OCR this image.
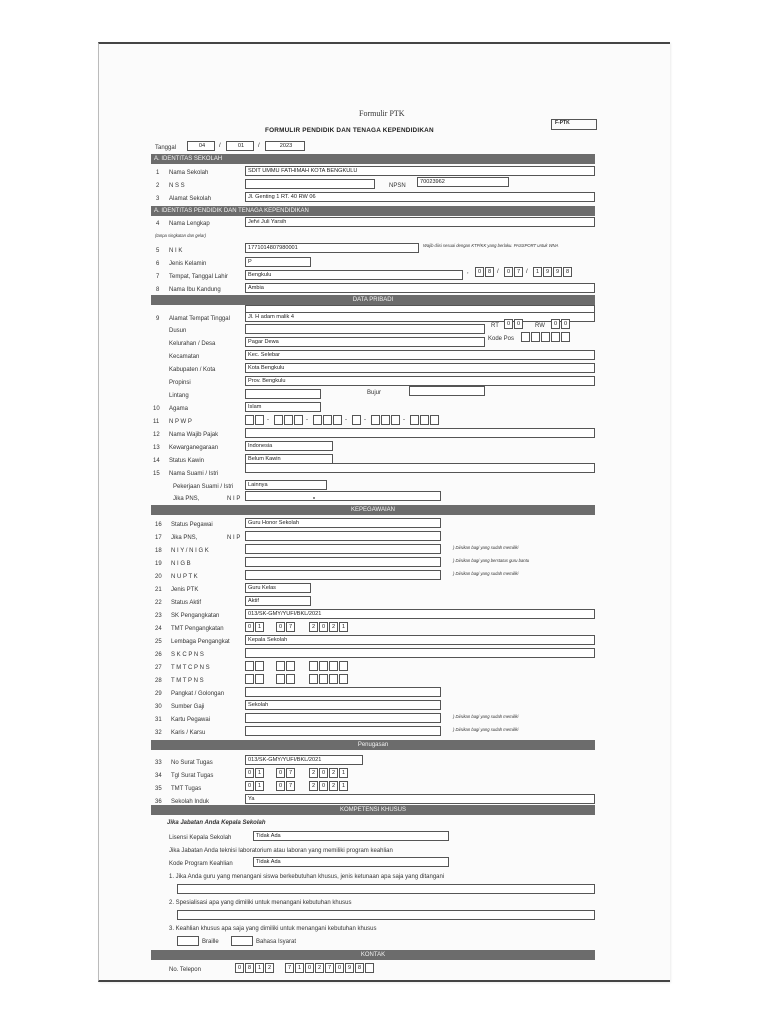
Formulir PTK
FORMULIR PENDIDIK DAN TENAGA KEPENDIDIKAN
F-PTK
Tanggal	04	/	01	/	2023
A. IDENTITAS SEKOLAH
1 Nama Sekolah	SDIT UMMU FATHIMAH KOTA BENGKULU
2 N S S	NPSN
70023962
3 Alamat Sekolah	Jl. Genting 1 RT. 40 RW 06
A. IDENTITAS PENDIDIK DAN TENAGA KEPENDIDIKAN
4 Nama Lengkap	Jefvi Juli Yarsih
(tanpa singkatan dan gelar)
5 N I K	1771014807980001	Wajib diisi sesuai dengan KTP/KK yang berlaku. PASSPORT untuk WNA
6 Jenis Kelamin	P
7 Tempat, Tanggal Lahir	Bengkulu	,	0	8 /	0	7 /	1	9	9	8
8 Nama Ibu Kandung	Ambia
DATA PRIBADI
9 Alamat Tempat Tinggal	Jl. H adam malik 4
Dusun
RT	0	0	RW	0	0
Kode Pos
Kelurahan / Desa	Pagar Dewa
Kecamatan	Kec. Selebar
Kabupaten / Kota	Kota Bengkulu
Propinsi	Prov. Bengkulu
Lintang	Bujur
10 Agama	Islam
11 N P W P	-	-	-	-	-
12 Nama Wajib Pajak
13 Kewarganegaraan	Indonesia
14 Status Kawin	Belum Kawin
15 Nama Suami / Istri
Pekerjaan Suami / Istri	Lainnya
Jika PNS,	N I P
KEPEGAWAIAN
16 Status Pegawai	Guru Honor Sekolah
17 Jika PNS,	N I P
18 N I Y / N I G K
) Diisikan bagi yang sudah memiliki
19 N I G B
) Diisikan bagi yang berstatus guru bantu
20 N U P T K
) Diisikan bagi yang sudah memiliki
21 Jenis PTK	Guru Kelas
22 Status Aktif	Aktif
23 SK Pengangkatan	013/SK-GMY/YUFI/BKL/2021
24 TMT Pengangkatan	0	1	0	7	2	0	2	1
25 Lembaga Pengangkat	Kepala Sekolah
26 S K C P N S
27 T M T C P N S
28 T M T P N S
29 Pangkat / Golongan
30 Sumber Gaji	Sekolah
31 Kartu Pegawai
) Diisikan bagi yang sudah memiliki
32 Karis / Karsu
) Diisikan bagi yang sudah memiliki
Penugasan
33 No Surat Tugas	013/SK-GMY/YUFI/BKL/2021
34 Tgl Surat Tugas	0	1	0	7	2	0	2	1
35 TMT Tugas	0	1	0	7	2	0	2	1
36 Sekolah Induk	Ya
KOMPETENSI KHUSUS
Jika Jabatan Anda Kepala Sekolah
Lisensi Kepala Sekolah	Tidak Ada
Jika Jabatan Anda teknisi laboratorium atau laboran yang memiliki program keahlian
Kode Program Keahlian	Tidak Ada
1. Jika Anda guru yang menangani siswa berkebutuhan khusus, jenis ketunaan apa saja yang ditangani
2. Spesialisasi apa yang dimiliki untuk menangani kebutuhan khusus
3. Keahlian khusus apa saja yang dimiliki untuk menangani kebutuhan khusus
Braille	Bahasa Isyarat
KONTAK
No. Telepon	0	8	1	2	7	1	0	2	7	0	9	8
